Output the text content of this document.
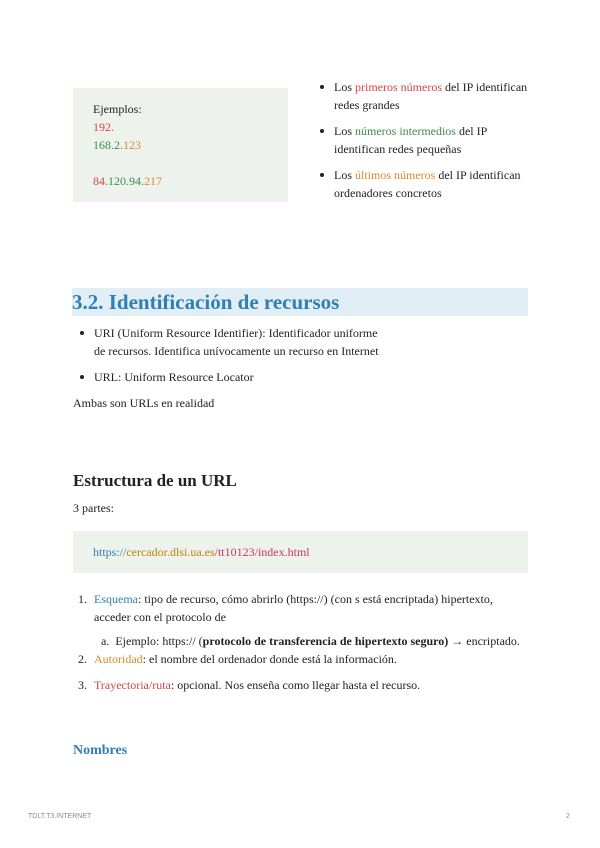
Ejemplos:
192.
168.2.123
84.120.94.217
Los primeros números del IP identifican redes grandes
Los números intermedios del IP identifican redes pequeñas
Los últimos números del IP identifican ordenadores concretos
3.2. Identificación de recursos
URI (Uniform Resource Identifier): Identificador uniforme
de recursos. Identifica unívocamente un recurso en Internet
URL: Uniform Resource Locator
Ambas son URLs en realidad
Estructura de un URL
3 partes:
https://cercador.dlsi.ua.es/tt10123/index.html
1. Esquema: tipo de recurso, cómo abrirlo (https://) (con s está encriptada) hipertexto,
acceder con el protocolo de
2. Autoridad: el nombre del ordenador donde está la información.
3. Trayectoria/ruta: opcional. Nos enseña como llegar hasta el recurso.
a. Ejemplo: https:// (protocolo de transferencia de hipertexto seguro) → encriptado.
Nombres
TDLT.T3.INTERNET	2
